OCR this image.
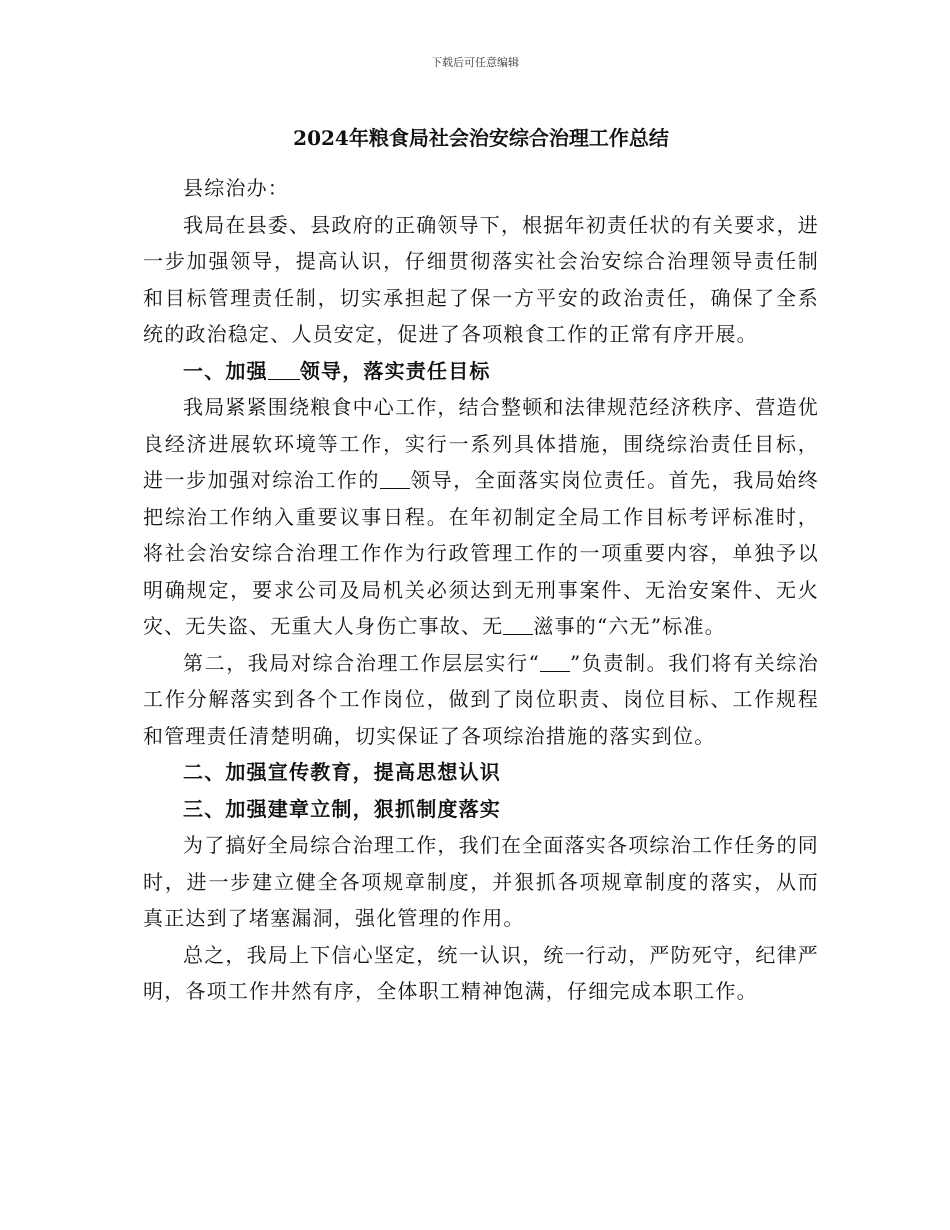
下载后可任意编辑
2024年粮食局社会治安综合治理工作总结

县综治办：

我局在县委、县政府的正确领导下，根据年初责任状的有关要求，进一步加强领导，提高认识，仔细贯彻落实社会治安综合治理领导责任制和目标管理责任制，切实承担起了保一方平安的政治责任，确保了全系统的政治稳定、人员安定，促进了各项粮食工作的正常有序开展。

一、加强 领导，落实责任目标

我局紧紧围绕粮食中心工作，结合整顿和法律规范经济秩序、营造优良经济进展软环境等工作，实行一系列具体措施，围绕综治责任目标，进一步加强对综治工作的 领导，全面落实岗位责任。首先，我局始终把综治工作纳入重要议事日程。在年初制定全局工作目标考评标准时，将社会治安综合治理工作作为行政管理工作的一项重要内容，单独予以明确规定，要求公司及局机关必须达到无刑事案件、无治安案件、无火灾、无失盗、无重大人身伤亡事故、无 滋事的“六无”标准。

第二，我局对综合治理工作层层实行“ ”负责制。我们将有关综治工作分解落实到各个工作岗位，做到了岗位职责、岗位目标、工作规程和管理责任清楚明确，切实保证了各项综治措施的落实到位。

二、加强宣传教育，提高思想认识

三、加强建章立制，狠抓制度落实

为了搞好全局综合治理工作，我们在全面落实各项综治工作任务的同时，进一步建立健全各项规章制度，并狠抓各项规章制度的落实，从而真正达到了堵塞漏洞，强化管理的作用。

总之，我局上下信心坚定，统一认识，统一行动，严防死守，纪律严明，各项工作井然有序，全体职工精神饱满，仔细完成本职工作。
